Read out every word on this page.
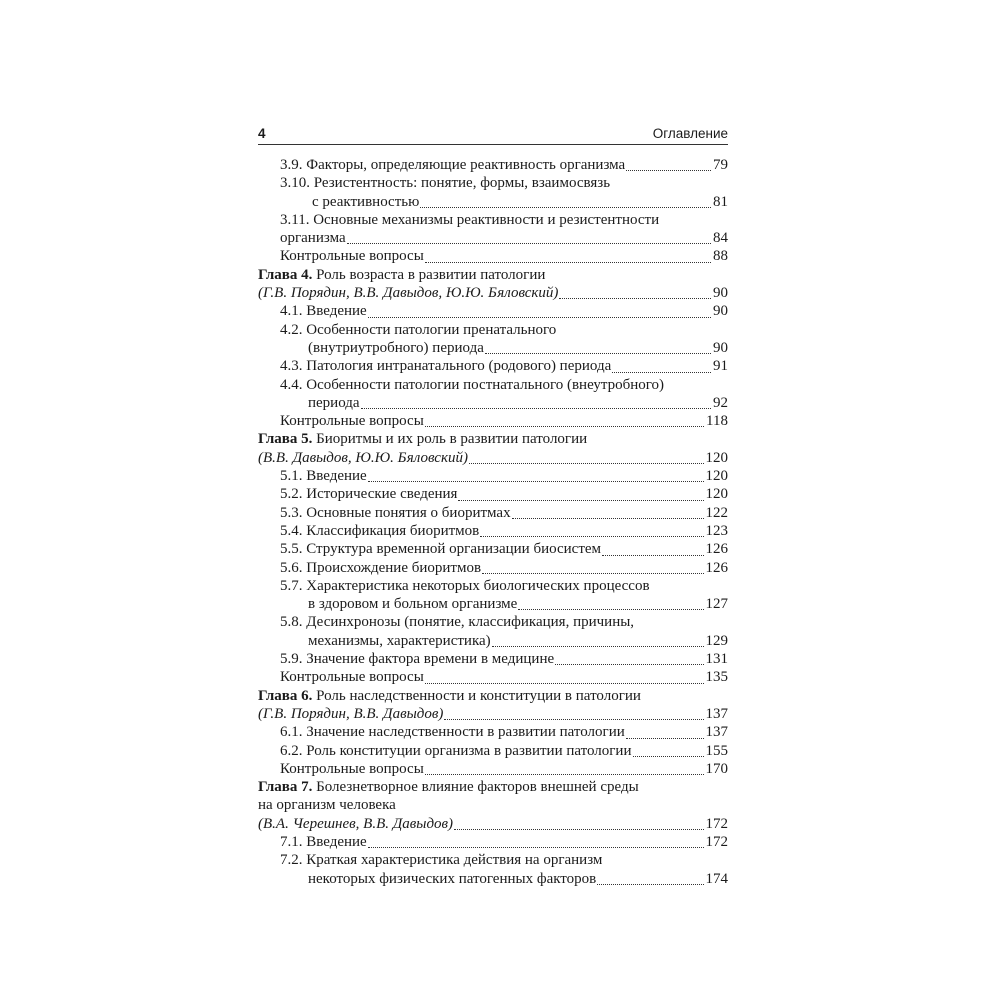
4	Оглавление
3.9. Факторы, определяющие реактивность организма	79
3.10. Резистентность: понятие, формы, взаимосвязь
с реактивностью	81
3.11. Основные механизмы реактивности и резистентности
организма	84
Контрольные вопросы	88
Глава 4. Роль возраста в развитии патологии
(Г.В. Порядин, В.В. Давыдов, Ю.Ю. Бяловский)	90
4.1. Введение	90
4.2. Особенности патологии пренатального
(внутриутробного) периода	90
4.3. Патология интранатального (родового) периода	91
4.4. Особенности патологии постнатального (внеутробного)
периода	92
Контрольные вопросы	118
Глава 5. Биоритмы и их роль в развитии патологии
(В.В. Давыдов, Ю.Ю. Бяловский)	120
5.1. Введение	120
5.2. Исторические сведения	120
5.3. Основные понятия о биоритмах	122
5.4. Классификация биоритмов	123
5.5. Структура временной организации биосистем	126
5.6. Происхождение биоритмов	126
5.7. Характеристика некоторых биологических процессов
в здоровом и больном организме	127
5.8. Десинхронозы (понятие, классификация, причины,
механизмы, характеристика)	129
5.9. Значение фактора времени в медицине	131
Контрольные вопросы	135
Глава 6. Роль наследственности и конституции в патологии
(Г.В. Порядин, В.В. Давыдов)	137
6.1. Значение наследственности в развитии патологии	137
6.2. Роль конституции организма в развитии патологии	155
Контрольные вопросы	170
Глава 7. Болезнетворное влияние факторов внешней среды
на организм человека
(В.А. Черешнев, В.В. Давыдов)	172
7.1. Введение	172
7.2. Краткая характеристика действия на организм
некоторых физических патогенных факторов	174
